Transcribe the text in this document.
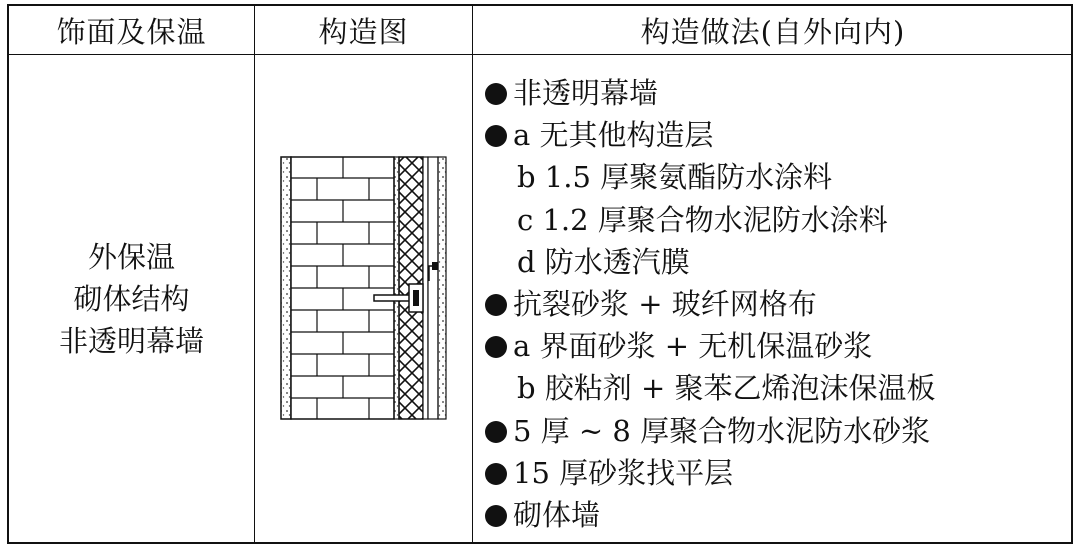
饰面及保温	构造图	构造做法(自外向内)
外保温
砌体结构
非透明幕墙
非透明幕墙
a 无其他构造层
b 1.5 厚聚氨酯防水涂料
c 1.2 厚聚合物水泥防水涂料
d 防水透汽膜
抗裂砂浆 + 玻纤网格布
a 界面砂浆 + 无机保温砂浆
b 胶粘剂 + 聚苯乙烯泡沫保温板
5 厚 ~ 8 厚聚合物水泥防水砂浆
15 厚砂浆找平层
砌体墙
